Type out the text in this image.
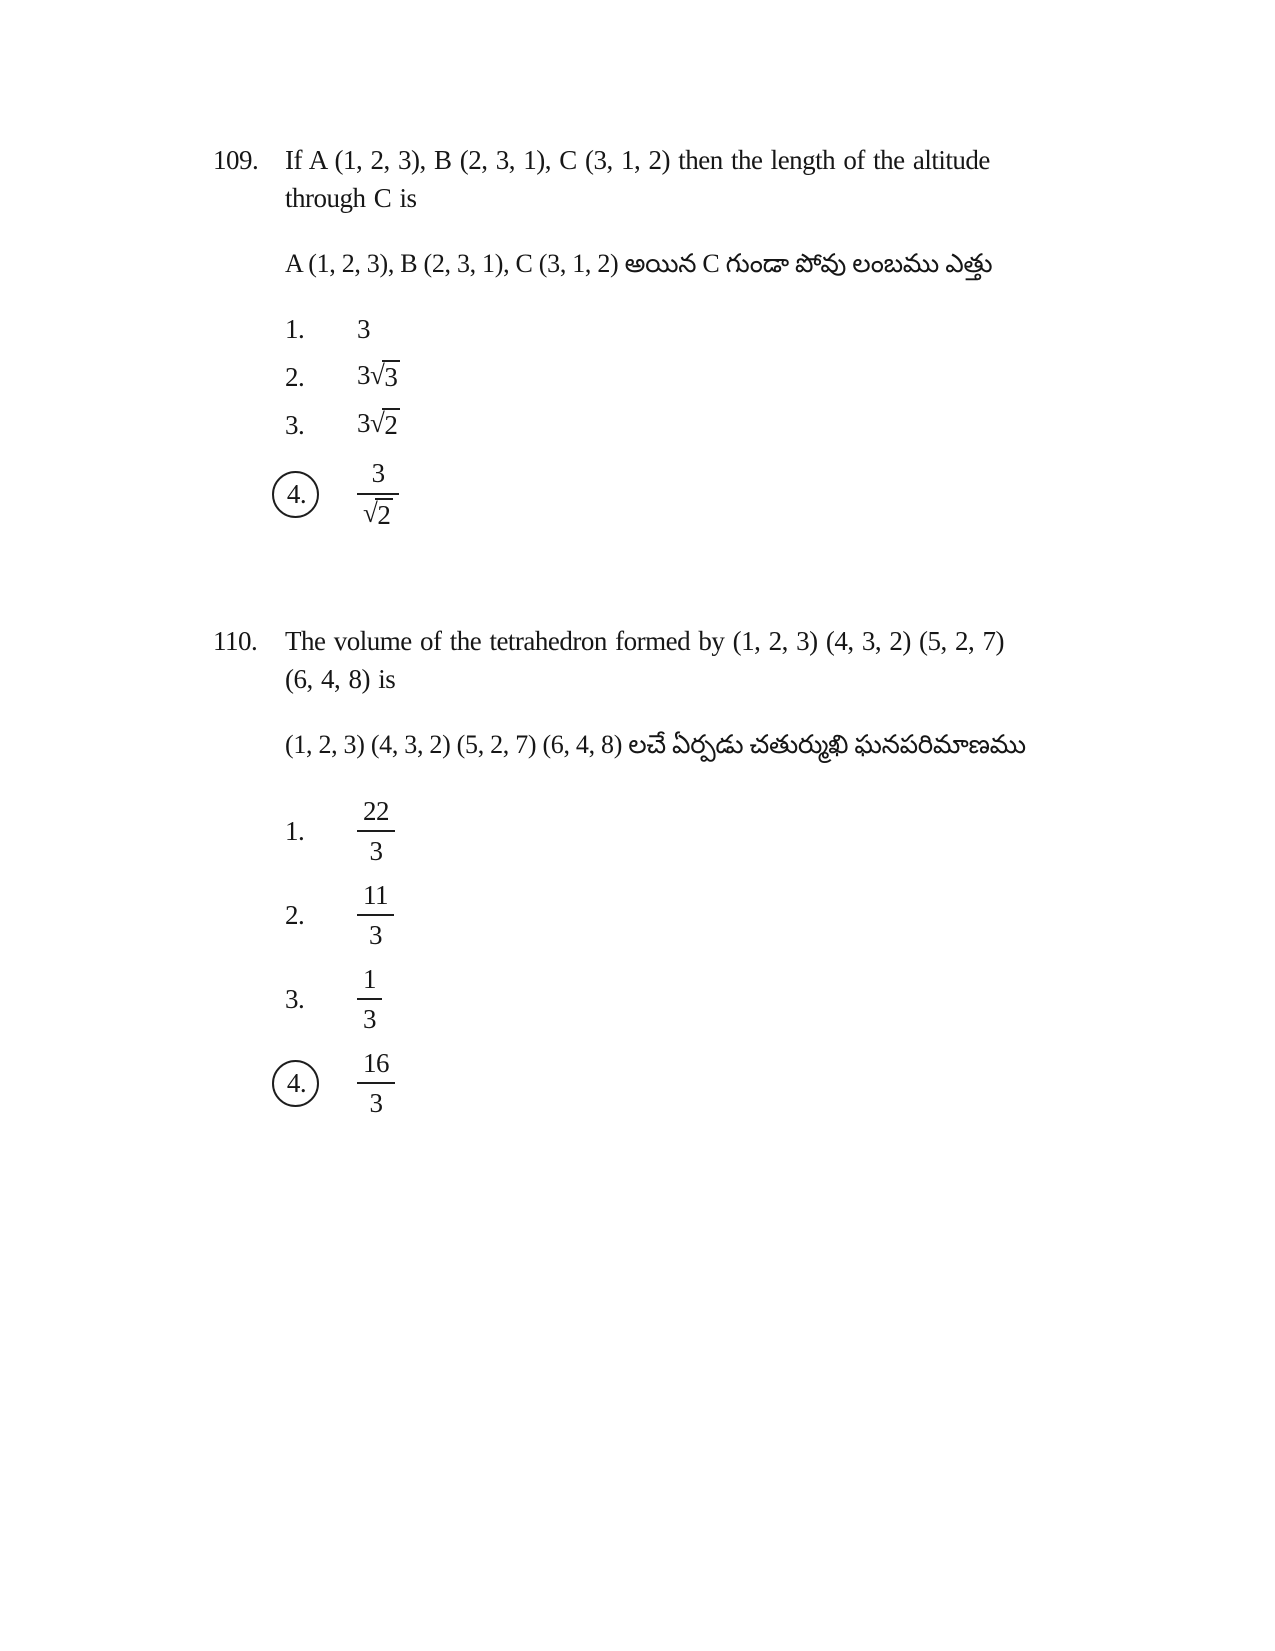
109. If A (1, 2, 3), B (2, 3, 1), C (3, 1, 2) then the length of the altitude

through C is

A (1, 2, 3), B (2, 3, 1), C (3, 1, 2) అయిన C గుండా పోవు లంబము ఎత్తు

1.	3
2.	3 √ 3
3.	3 √ 2
4.	$\frac{3}{√ 2}$
110.	The volume of the tetrahedron formed by (1, 2, 3) (4, 3, 2) (5, 2, 7)

(6, 4, 8) is

(1, 2, 3) (4, 3, 2) (5, 2, 7) (6, 4, 8) లచే ఏర్పడు చతుర్ముఖి ఘనపరిమాణము

1.	$\frac{22}{3}$
2.	$\frac{11}{3}$
3.	$\frac{1}{3}$
4.	$\frac{16}{3}$
